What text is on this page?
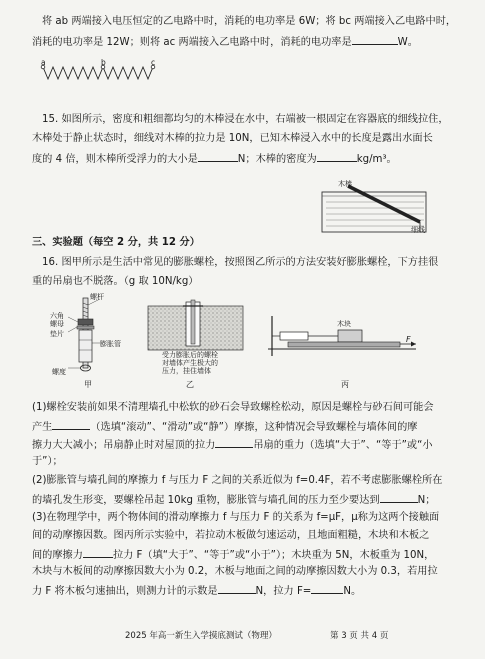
将 ab 两端接入电压恒定的乙电路中时，消耗的电功率是 6W；将 bc 两端接入乙电路中时，
消耗的电功率是 12W；则将 ac 两端接入乙电路中时，消耗的电功率是	W。
a	b	c
15. 如图所示，密度和粗细都均匀的木棒浸在水中，右端被一根固定在容器底的细线拉住，
木棒处于静止状态时，细线对木棒的拉力是 10N，已知木棒浸入水中的长度是露出水面长
度的 4 倍，则木棒所受浮力的大小是	N；木棒的密度为	kg/m³。
木棒
细线
三、实验题（每空 2 分，共 12 分）
16. 图甲所示是生活中常见的膨胀螺栓，按照图乙所示的方法安装好膨胀螺栓，下方挂很
重的吊扇也不脱落。（g 取 10N/kg）
螺杆
六角
螺母
垫片
膨胀管
螺度
甲
受力膨胀后的螺栓
对墙体产生极大的
压力，挂住墙体
乙
木块
F
丙
(1)螺栓安装前如果不清理墙孔中松软的砂石会导致螺栓松动，原因是螺栓与砂石间可能会
产生	（选填“滚动”、“滑动”或“静”）摩擦，这种情况会导致螺栓与墙体间的摩
擦力大大减小；吊扇静止时对屋顶的拉力	吊扇的重力（选填“大于”、“等于”或“小
于”）；
(2)膨胀管与墙孔间的摩擦力 f 与压力 F 之间的关系近似为 f=0.4F，若不考虑膨胀螺栓所在
的墙孔发生形变，要螺栓吊起 10kg 重物，膨胀管与墙孔间的压力至少要达到	N；
(3)在物理学中，两个物体间的滑动摩擦力 f 与压力 F 的关系为 f=μF，μ称为这两个接触面
间的动摩擦因数。图丙所示实验中，若拉动木板做匀速运动，且地面粗糙，木块和木板之
间的摩擦力	拉力 F（填“大于”、“等于”或“小于”）；木块重为 5N，木板重为 10N，
木块与木板间的动摩擦因数大小为 0.2，木板与地面之间的动摩擦因数大小为 0.3，若用拉
力 F 将木板匀速抽出，则测力计的示数是	N，拉力 F=	N。
2025 年高一新生入学摸底测试（物理）	第 3 页 共 4 页
